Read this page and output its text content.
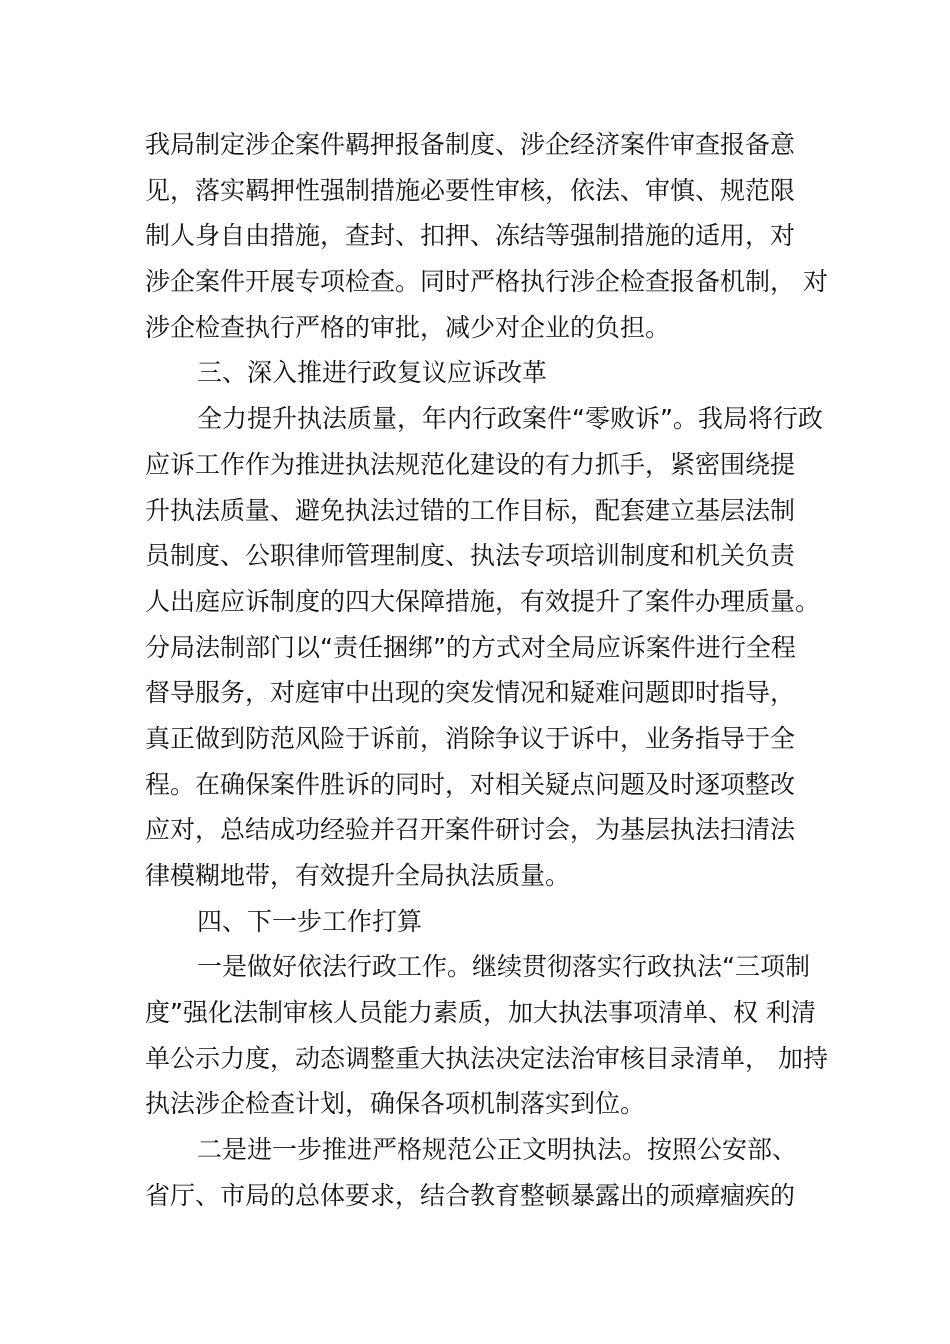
我局制定涉企案件羁押报备制度、涉企经济案件审查报备意
见，落实羁押性强制措施必要性审核，依法、审慎、规范限
制人身自由措施，查封、扣押、冻结等强制措施的适用，对
涉企案件开展专项检查。同时严格执行涉企检查报备机制， 对
涉企检查执行严格的审批，减少对企业的负担。
三、深入推进行政复议应诉改革
全力提升执法质量，年内行政案件“零败诉”。我局将行政
应诉工作作为推进执法规范化建设的有力抓手，紧密围绕提
升执法质量、避免执法过错的工作目标，配套建立基层法制
员制度、公职律师管理制度、执法专项培训制度和机关负责
人出庭应诉制度的四大保障措施，有效提升了案件办理质量。
分局法制部门以“责任捆绑”的方式对全局应诉案件进行全程
督导服务，对庭审中出现的突发情况和疑难问题即时指导，
真正做到防范风险于诉前，消除争议于诉中，业务指导于全
程。在确保案件胜诉的同时，对相关疑点问题及时逐项整改
应对，总结成功经验并召开案件研讨会，为基层执法扫清法
律模糊地带，有效提升全局执法质量。
四、下一步工作打算
一是做好依法行政工作。继续贯彻落实行政执法“三项制
度”强化法制审核人员能力素质，加大执法事项清单、权 利清
单公示力度，动态调整重大执法决定法治审核目录清单， 加持
执法涉企检查计划，确保各项机制落实到位。
二是进一步推进严格规范公正文明执法。按照公安部、
省厅、市局的总体要求，结合教育整顿暴露出的顽瘴痼疾的
